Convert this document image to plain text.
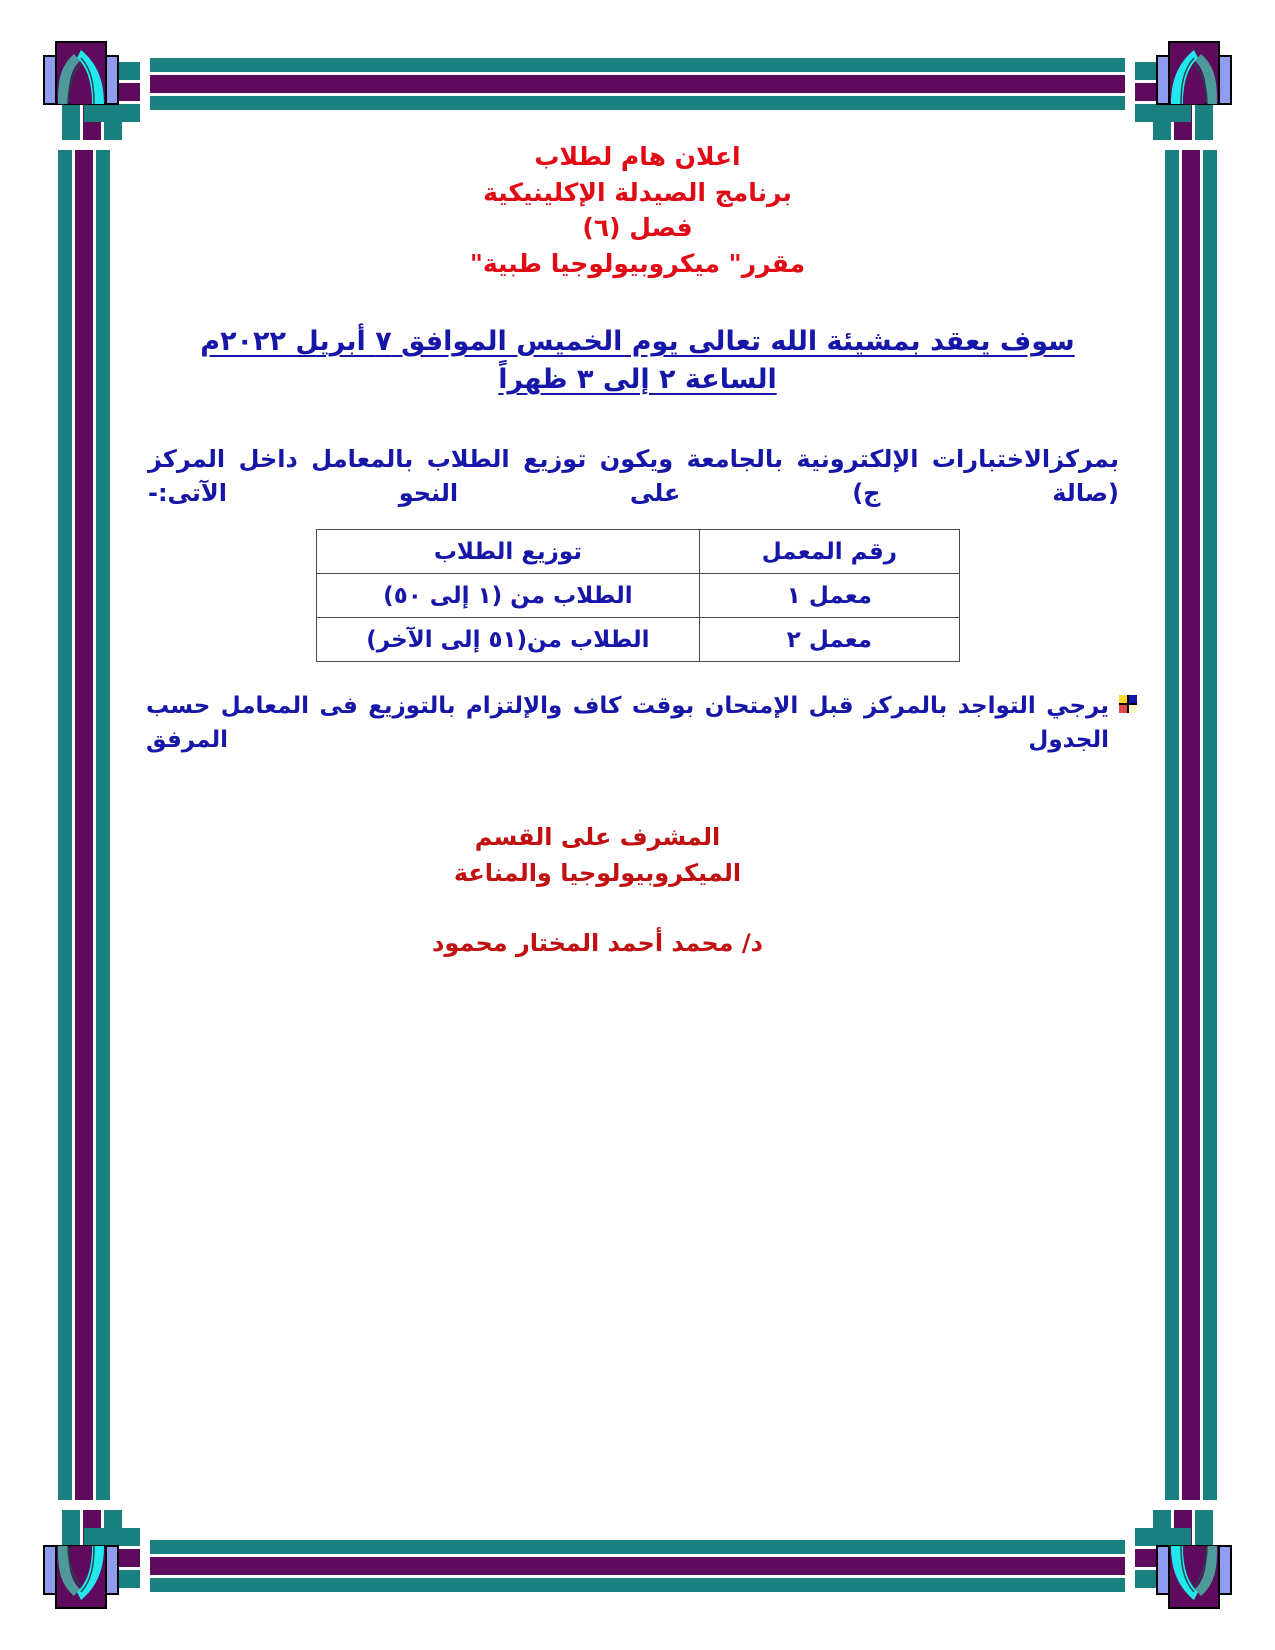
اعلان هام لطلاب
برنامج الصيدلة الإكلينيكية
فصل (٦)
مقرر" ميكروبيولوجيا طبية"
سوف يعقد بمشيئة الله تعالى يوم الخميس الموافق ٧ أبريل ٢٠٢٢م
الساعة ٢ إلى ٣ ظهراً
بمركزالاختبارات الإلكترونية بالجامعة ويكون توزيع الطلاب بالمعامل داخل المركز (صالة ج) على النحو الآتى:-
رقم المعمل	توزيع الطلاب
معمل ١	الطلاب من (١ إلى ٥٠)
معمل ٢	الطلاب من(٥١ إلى الآخر)
يرجي التواجد بالمركز قبل الإمتحان بوقت كاف والإلتزام بالتوزيع فى المعامل حسب الجدول المرفق
المشرف على القسم
الميكروبيولوجيا والمناعة
د/ محمد أحمد المختار محمود
